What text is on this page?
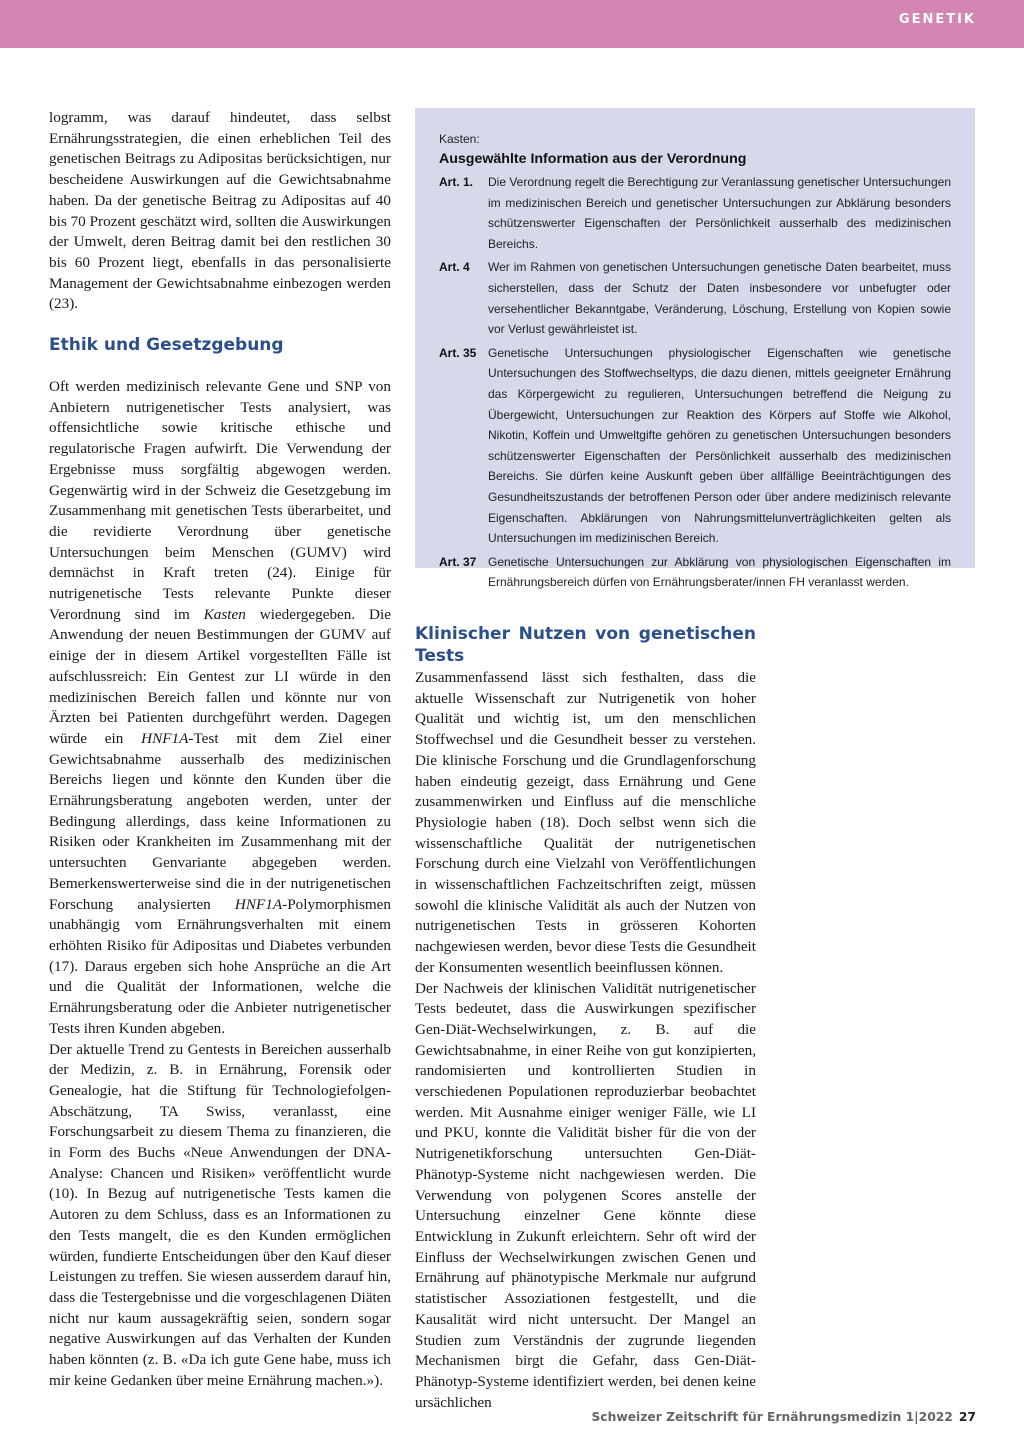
GENETIK

logramm, was darauf hindeutet, dass selbst Ernährungsstrategien, die einen erheblichen Teil des genetischen Beitrags zu Adipositas berücksichtigen, nur bescheidene Auswirkungen auf die Gewichtsabnahme haben. Da der genetische Beitrag zu Adipositas auf 40 bis 70 Prozent geschätzt wird, sollten die Auswirkungen der Umwelt, deren Beitrag damit bei den restlichen 30 bis 60 Prozent liegt, ebenfalls in das personalisierte Management der Gewichtsabnahme einbezogen werden (23).

Ethik und Gesetzgebung

Oft werden medizinisch relevante Gene und SNP von Anbietern nutrigenetischer Tests analysiert, was offensichtliche sowie kritische ethische und regulatorische Fragen aufwirft. Die Verwendung der Ergebnisse muss sorgfältig abgewogen werden. Gegenwärtig wird in der Schweiz die Gesetzgebung im Zusammenhang mit genetischen Tests überarbeitet, und die revidierte Verordnung über genetische Untersuchungen beim Menschen (GUMV) wird demnächst in Kraft treten (24). Einige für nutrigenetische Tests relevante Punkte dieser Verordnung sind im Kasten wiedergegeben. Die Anwendung der neuen Bestimmungen der GUMV auf einige der in diesem Artikel vorgestellten Fälle ist aufschlussreich: Ein Gentest zur LI würde in den medizinischen Bereich fallen und könnte nur von Ärzten bei Patienten durchgeführt werden. Dagegen würde ein HNF1A-Test mit dem Ziel einer Gewichtsabnahme ausserhalb des medizinischen Bereichs liegen und könnte den Kunden über die Ernährungsberatung angeboten werden, unter der Bedingung allerdings, dass keine Informationen zu Risiken oder Krankheiten im Zusammenhang mit der untersuchten Genvariante abgegeben werden. Bemerkenswerterweise sind die in der nutrigenetischen Forschung analysierten HNF1A-Polymorphismen unabhängig vom Ernährungsverhalten mit einem erhöhten Risiko für Adipositas und Diabetes verbunden (17). Daraus ergeben sich hohe Ansprüche an die Art und die Qualität der Informationen, welche die Ernährungsberatung oder die Anbieter nutrigenetischer Tests ihren Kunden abgeben.

Der aktuelle Trend zu Gentests in Bereichen ausserhalb der Medizin, z. B. in Ernährung, Forensik oder Genealogie, hat die Stiftung für Technologiefolgen-Abschätzung, TA Swiss, veranlasst, eine Forschungsarbeit zu diesem Thema zu finanzieren, die in Form des Buchs «Neue Anwendungen der DNA-Analyse: Chancen und Risiken» veröffentlicht wurde (10). In Bezug auf nutrigenetische Tests kamen die Autoren zu dem Schluss, dass es an Informationen zu den Tests mangelt, die es den Kunden ermöglichen würden, fundierte Entscheidungen über den Kauf dieser Leistungen zu treffen. Sie wiesen ausserdem darauf hin, dass die Testergebnisse und die vorgeschlagenen Diäten nicht nur kaum aussagekräftig seien, sondern sogar negative Auswirkungen auf das Verhalten der Kunden haben könnten (z. B. «Da ich gute Gene habe, muss ich mir keine Gedanken über meine Ernährung machen.»).

Kasten:
Ausgewählte Information aus der Verordnung
Art. 1.	Die Verordnung regelt die Berechtigung zur Veranlassung genetischer Untersuchungen im medizinischen Bereich und genetischer Untersuchungen zur Abklärung besonders schützenswerter Eigenschaften der Persönlichkeit ausserhalb des medizinischen Bereichs.
Art. 4	Wer im Rahmen von genetischen Untersuchungen genetische Daten bearbeitet, muss sicherstellen, dass der Schutz der Daten insbesondere vor unbefugter oder versehentlicher Bekanntgabe, Veränderung, Löschung, Erstellung von Kopien sowie vor Verlust gewährleistet ist.
Art. 35 Genetische Untersuchungen physiologischer Eigenschaften wie genetische Untersuchungen des Stoffwechseltyps, die dazu dienen, mittels geeigneter Ernährung das Körpergewicht zu regulieren, Untersuchungen betreffend die Neigung zu Übergewicht, Untersuchungen zur Reaktion des Körpers auf Stoffe wie Alkohol, Nikotin, Koffein und Umweltgifte gehören zu genetischen Untersuchungen besonders schützenswerter Eigenschaften der Persönlichkeit ausserhalb des medizinischen Bereichs. Sie dürfen keine Auskunft geben über allfällige Beeinträchtigungen des Gesundheitszustands der betroffenen Person oder über andere medizinisch relevante Eigenschaften. Abklärungen von Nahrungsmittelunverträglichkeiten gelten als Untersuchungen im medizinischen Bereich.
Art. 37 Genetische Untersuchungen zur Abklärung von physiologischen Eigenschaften im Ernährungsbereich dürfen von Ernährungsberater/innen FH veranlasst werden.
Klinischer Nutzen von genetischen Tests

Zusammenfassend lässt sich festhalten, dass die aktuelle Wissenschaft zur Nutrigenetik von hoher Qualität und wichtig ist, um den menschlichen Stoffwechsel und die Gesundheit besser zu verstehen. Die klinische Forschung und die Grundlagenforschung haben eindeutig gezeigt, dass Ernährung und Gene zusammenwirken und Einfluss auf die menschliche Physiologie haben (18). Doch selbst wenn sich die wissenschaftliche Qualität der nutrigenetischen Forschung durch eine Vielzahl von Veröffentlichungen in wissenschaftlichen Fachzeitschriften zeigt, müssen sowohl die klinische Validität als auch der Nutzen von nutrigenetischen Tests in grösseren Kohorten nachgewiesen werden, bevor diese Tests die Gesundheit der Konsumenten wesentlich beeinflussen können.

Der Nachweis der klinischen Validität nutrigenetischer Tests bedeutet, dass die Auswirkungen spezifischer Gen-Diät-Wechselwirkungen, z. B. auf die Gewichtsabnahme, in einer Reihe von gut konzipierten, randomisierten und kontrollierten Studien in verschiedenen Populationen reproduzierbar beobachtet werden. Mit Ausnahme einiger weniger Fälle, wie LI und PKU, konnte die Validität bisher für die von der Nutrigenetikforschung untersuchten Gen-Diät-Phänotyp-Systeme nicht nachgewiesen werden. Die Verwendung von polygenen Scores anstelle der Untersuchung einzelner Gene könnte diese Entwicklung in Zukunft erleichtern. Sehr oft wird der Einfluss der Wechselwirkungen zwischen Genen und Ernährung auf phänotypische Merkmale nur aufgrund statistischer Assoziationen festgestellt, und die Kausalität wird nicht untersucht. Der Mangel an Studien zum Verständnis der zugrunde liegenden Mechanismen birgt die Gefahr, dass Gen-Diät-Phänotyp-Systeme identifiziert werden, bei denen keine ursächlichen

Schweizer Zeitschrift für Ernährungsmedizin 1|2022 27
